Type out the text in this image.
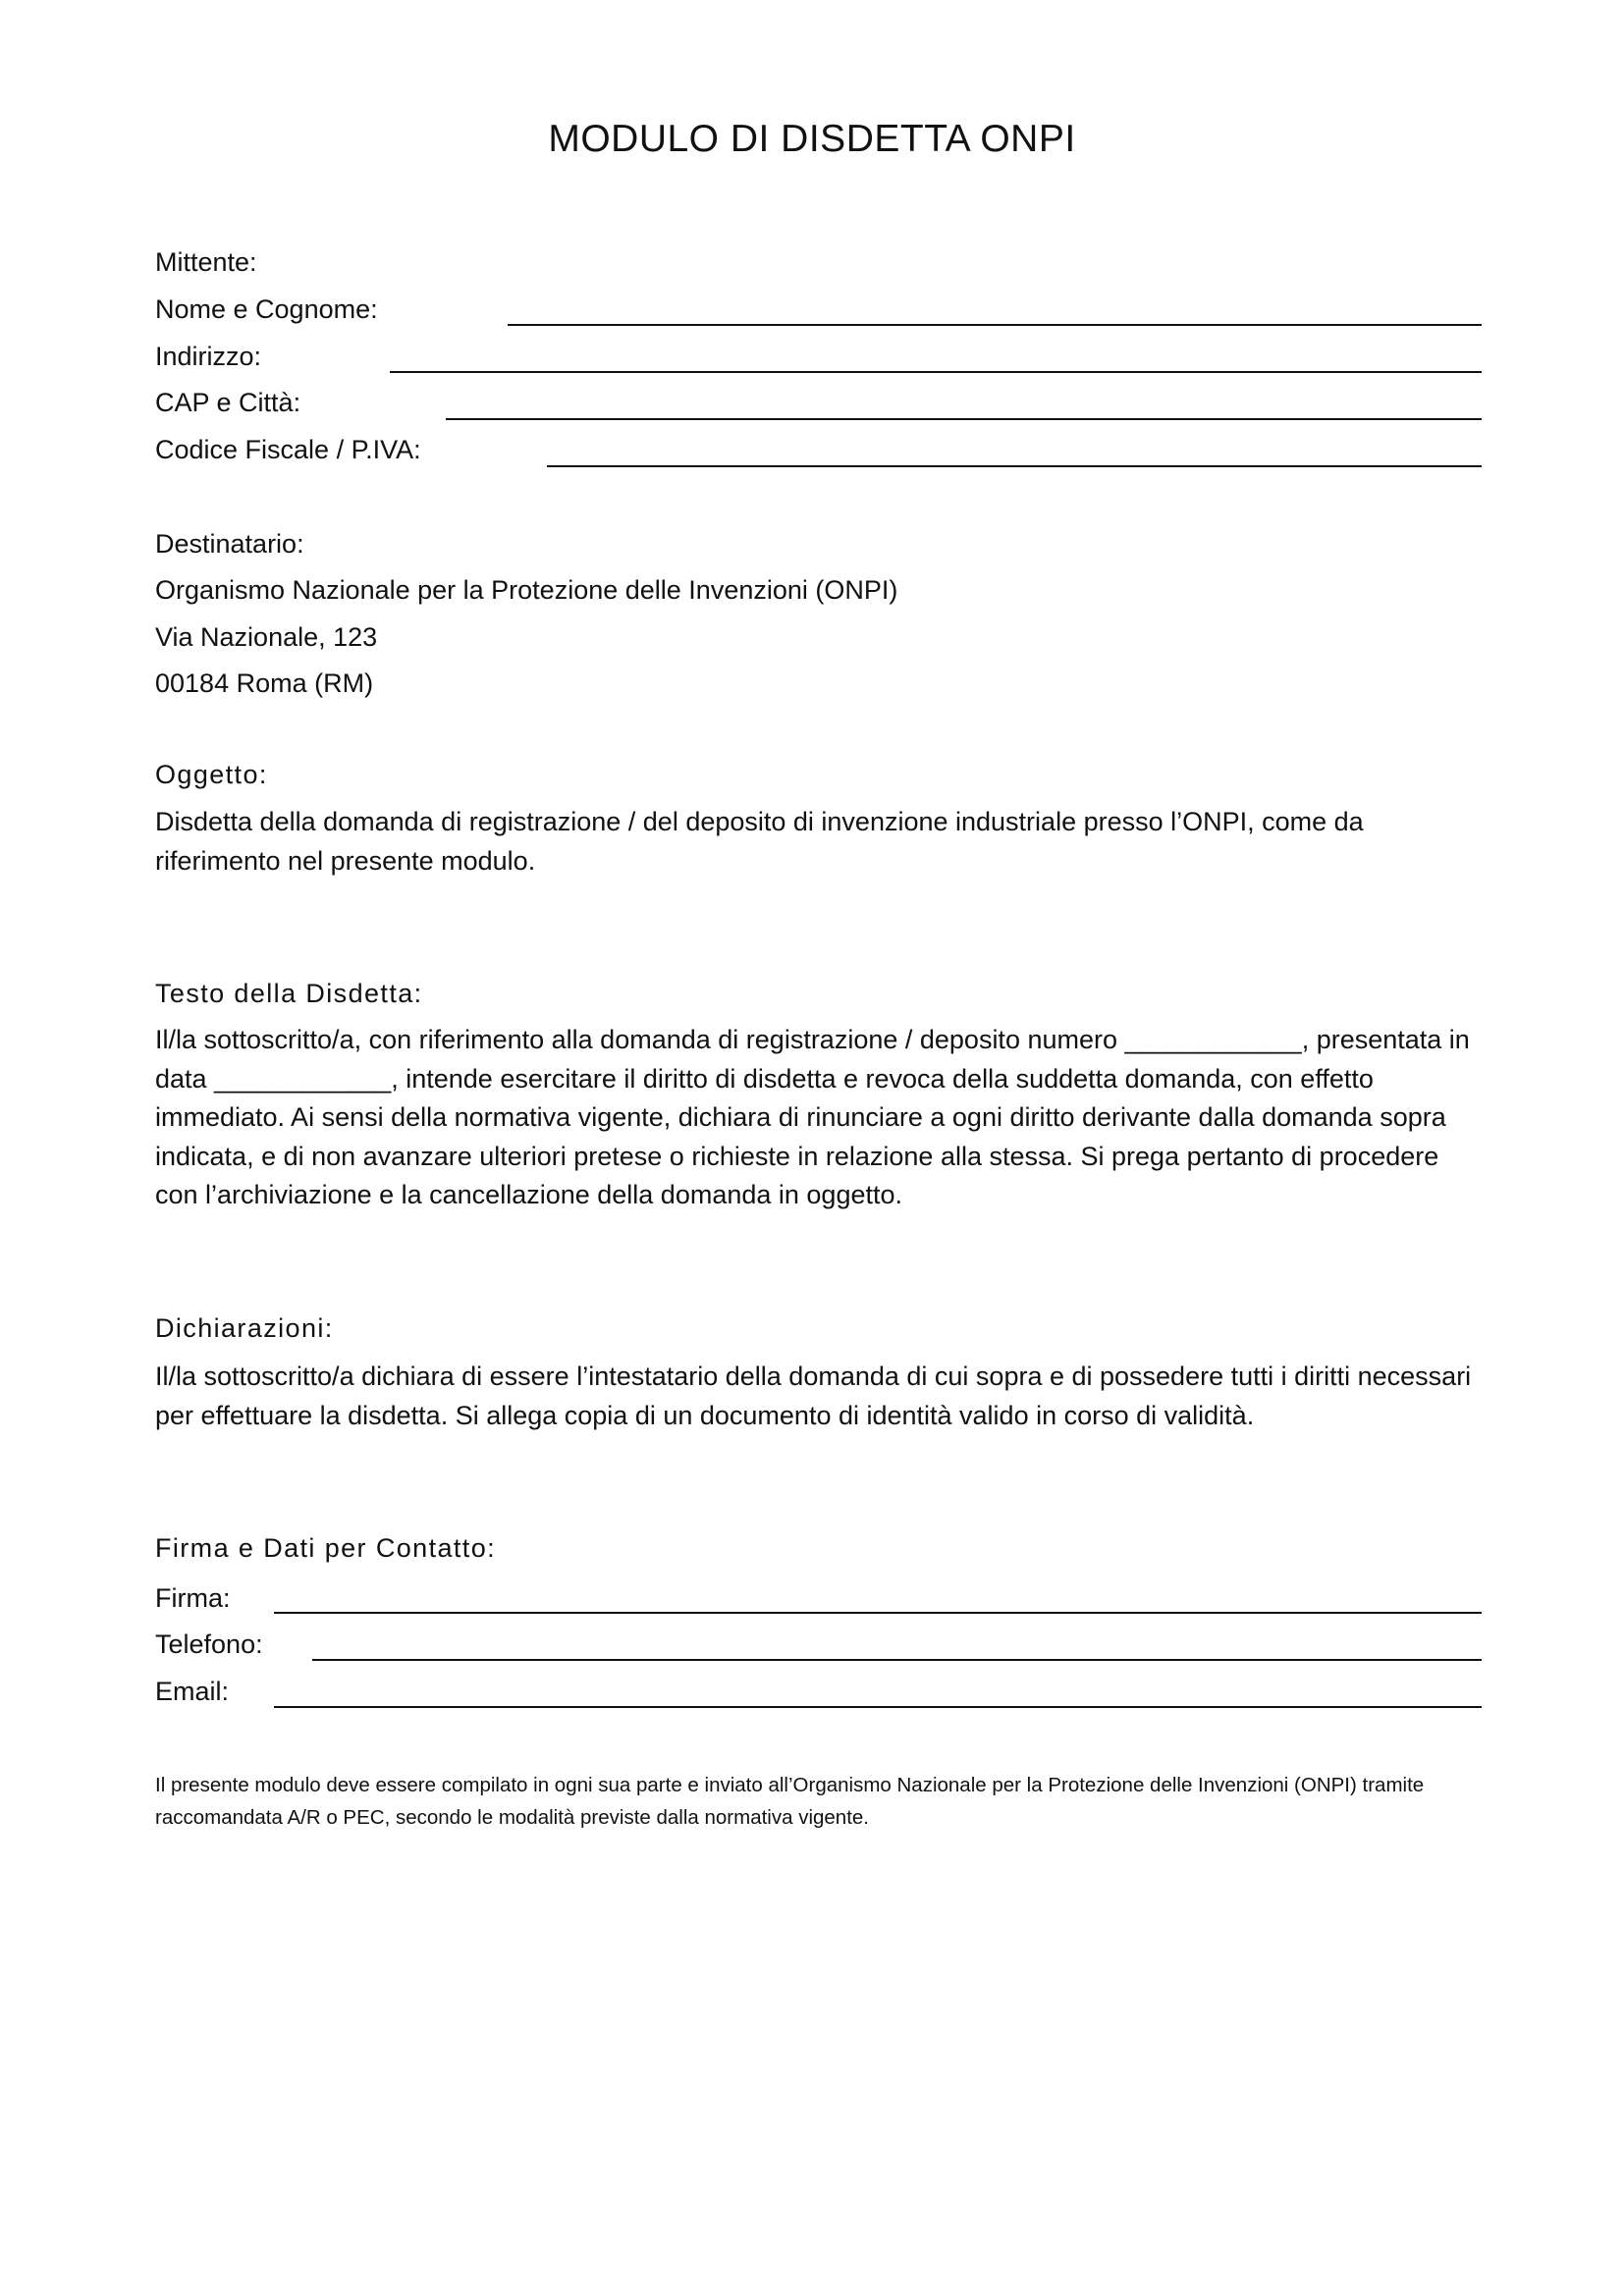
MODULO DI DISDETTA ONPI
Mittente:
Nome e Cognome:
Indirizzo:
CAP e Città:
Codice Fiscale / P.IVA:
Destinatario:
Organismo Nazionale per la Protezione delle Invenzioni (ONPI)
Via Nazionale, 123
00184 Roma (RM)
Oggetto:
Disdetta della domanda di registrazione / del deposito di invenzione industriale presso l’ONPI, come da riferimento nel presente modulo.
Testo della Disdetta:
Il/la sottoscritto/a, con riferimento alla domanda di registrazione / deposito numero ____________, presentata in data ____________, intende esercitare il diritto di disdetta e revoca della suddetta domanda, con effetto immediato. Ai sensi della normativa vigente, dichiara di rinunciare a ogni diritto derivante dalla domanda sopra indicata, e di non avanzare ulteriori pretese o richieste in relazione alla stessa. Si prega pertanto di procedere con l’archiviazione e la cancellazione della domanda in oggetto.
Dichiarazioni:
Il/la sottoscritto/a dichiara di essere l’intestatario della domanda di cui sopra e di possedere tutti i diritti necessari per effettuare la disdetta. Si allega copia di un documento di identità valido in corso di validità.
Firma e Dati per Contatto:
Firma:
Telefono:
Email:
Il presente modulo deve essere compilato in ogni sua parte e inviato all’Organismo Nazionale per la Protezione delle Invenzioni (ONPI) tramite raccomandata A/R o PEC, secondo le modalità previste dalla normativa vigente.
